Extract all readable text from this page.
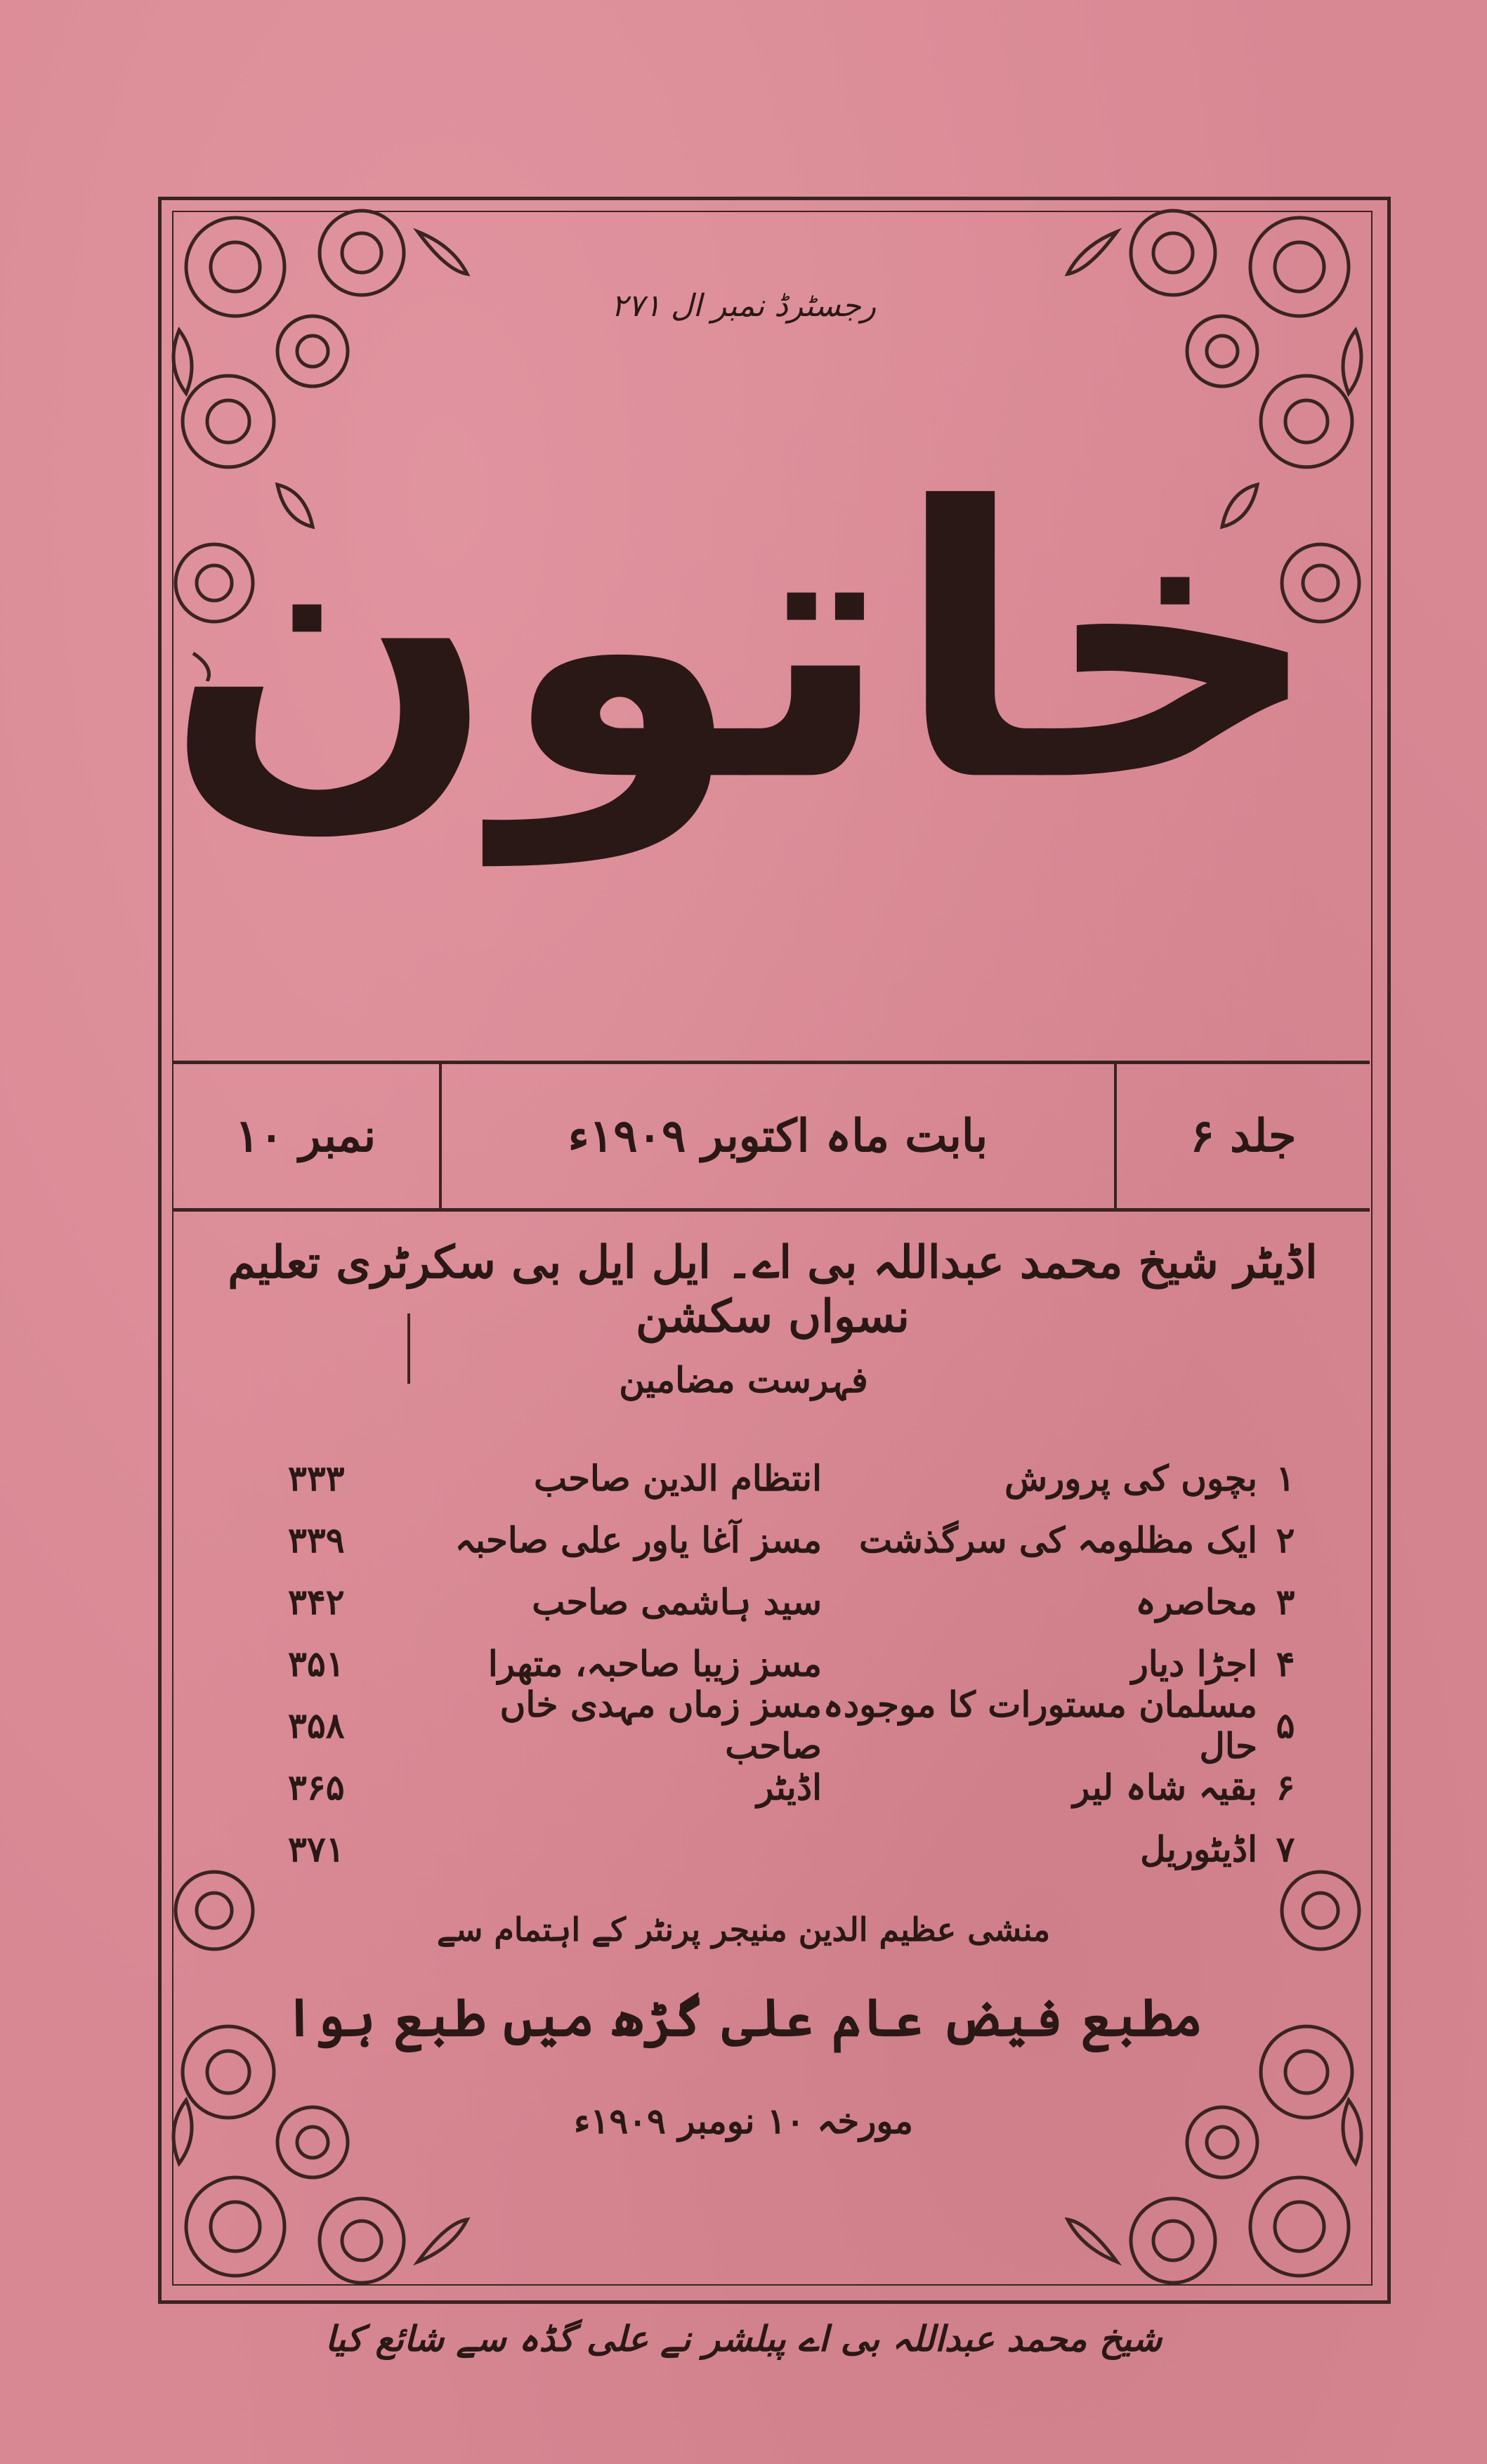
رجسٹرڈ نمبر ال ۲۷۱
خاتون
جلد ۶
بابت ماہ اکتوبر ۱۹۰۹ء
نمبر ۱۰
اڈیٹر شیخ محمد عبداللہ بی اے۔ ایل ایل بی سکرٹری تعلیم نسواں سکشن
فہرست مضامین
۱
بچوں کی پرورش
انتظام الدین صاحب
۳۳۳
۲
ایک مظلومہ کی سرگذشت
مسز آغا یاور علی صاحبہ
۳۳۹
۳
محاصرہ
سید ہاشمی صاحب
۳۴۲
۴
اجڑا دیار
مسز زیبا صاحبہ، متھرا
۳۵۱
۵
مسلمان مستورات کا موجودہ حال
مسز زماں مہدی خاں صاحب
۳۵۸
۶
بقیہ شاہ لیر
اڈیٹر
۳۶۵
۷
اڈیٹوریل
۳۷۱
منشی عظیم الدین منیجر پرنٹر کے اہتمام سے
مطبع فیض عام علی گڑھ میں طبع ہوا
مورخہ ۱۰ نومبر ۱۹۰۹ء
شیخ محمد عبداللہ بی اے پبلشر نے علی گڈہ سے شائع کیا
